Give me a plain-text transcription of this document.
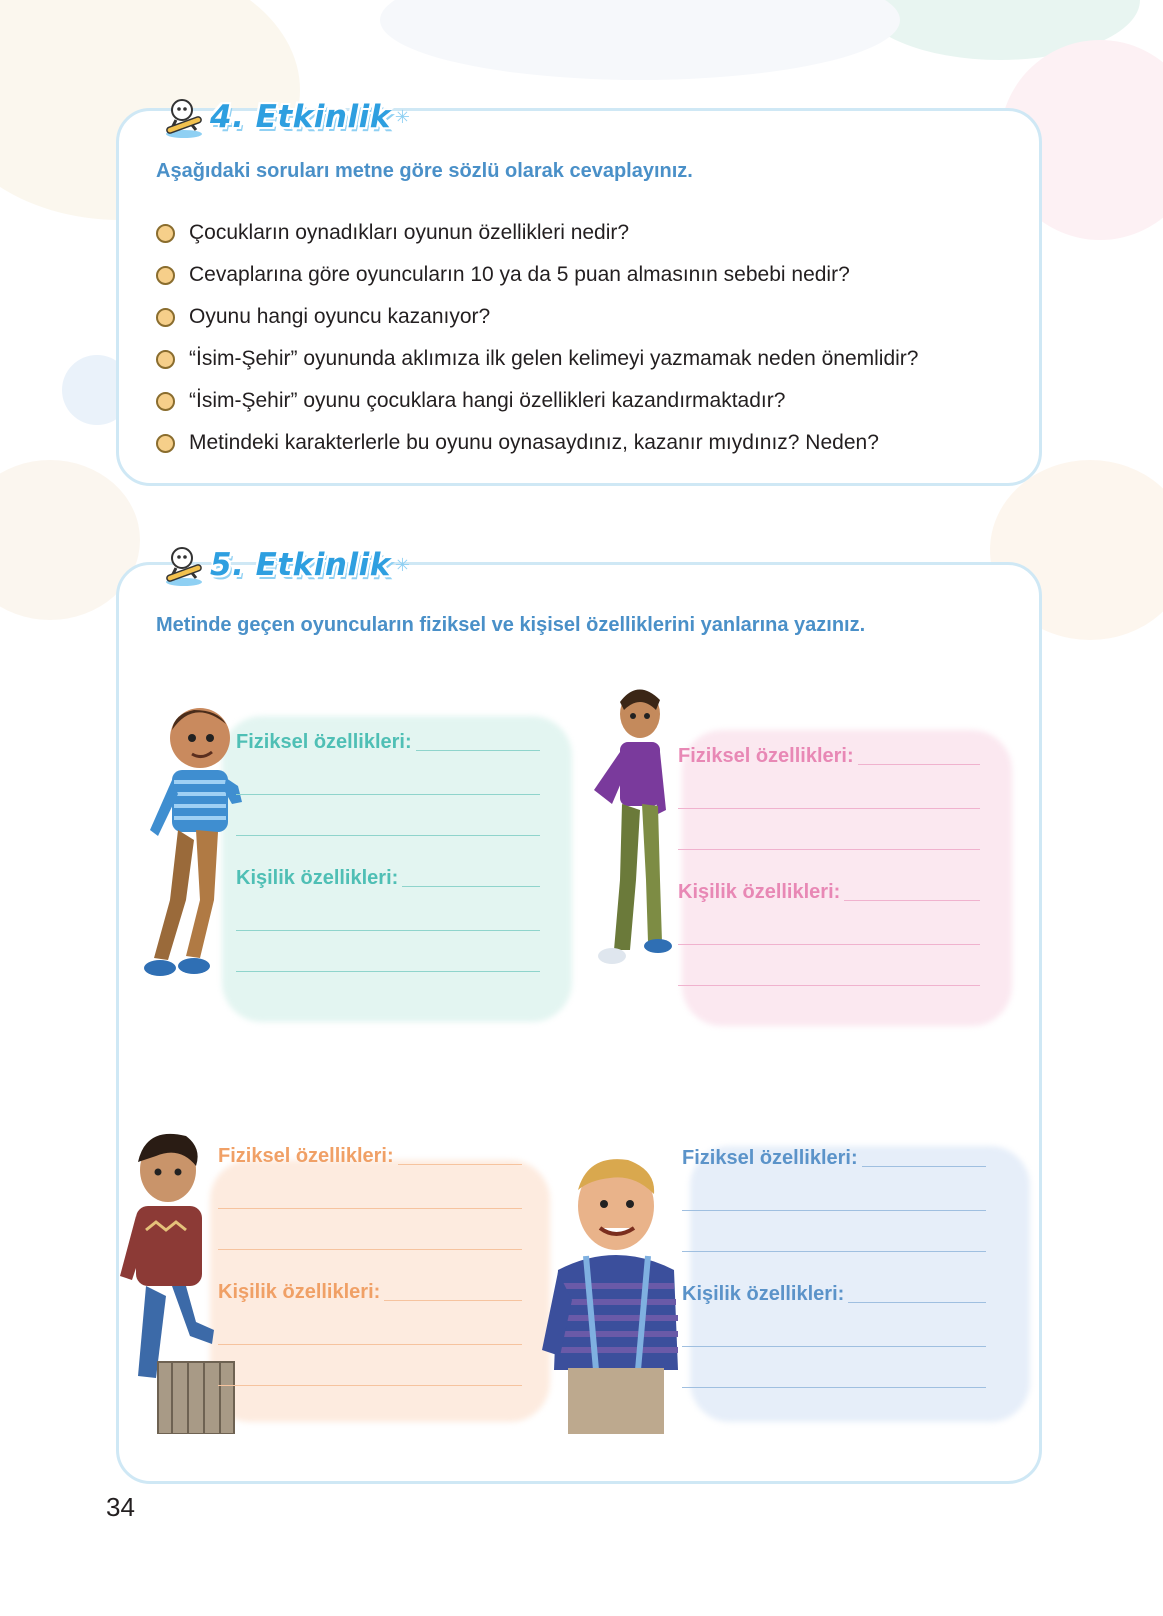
4. Etkinlik ✳
Aşağıdaki soruları metne göre sözlü olarak cevaplayınız.
Çocukların oynadıkları oyunun özellikleri nedir?
Cevaplarına göre oyuncuların 10 ya da 5 puan almasının sebebi nedir?
Oyunu hangi oyuncu kazanıyor?
“İsim-Şehir” oyununda aklımıza ilk gelen kelimeyi yazmamak neden önemlidir?
“İsim-Şehir” oyunu çocuklara hangi özellikleri kazandırmaktadır?
Metindeki karakterlerle bu oyunu oynasaydınız, kazanır mıydınız? Neden?
5. Etkinlik ✳
Metinde geçen oyuncuların fiziksel ve kişisel özelliklerini yanlarına yazınız.
Fiziksel özellikleri:
Kişilik özellikleri:
Fiziksel özellikleri:
Kişilik özellikleri:
Fiziksel özellikleri:
Kişilik özellikleri:
Fiziksel özellikleri:
Kişilik özellikleri:
34
